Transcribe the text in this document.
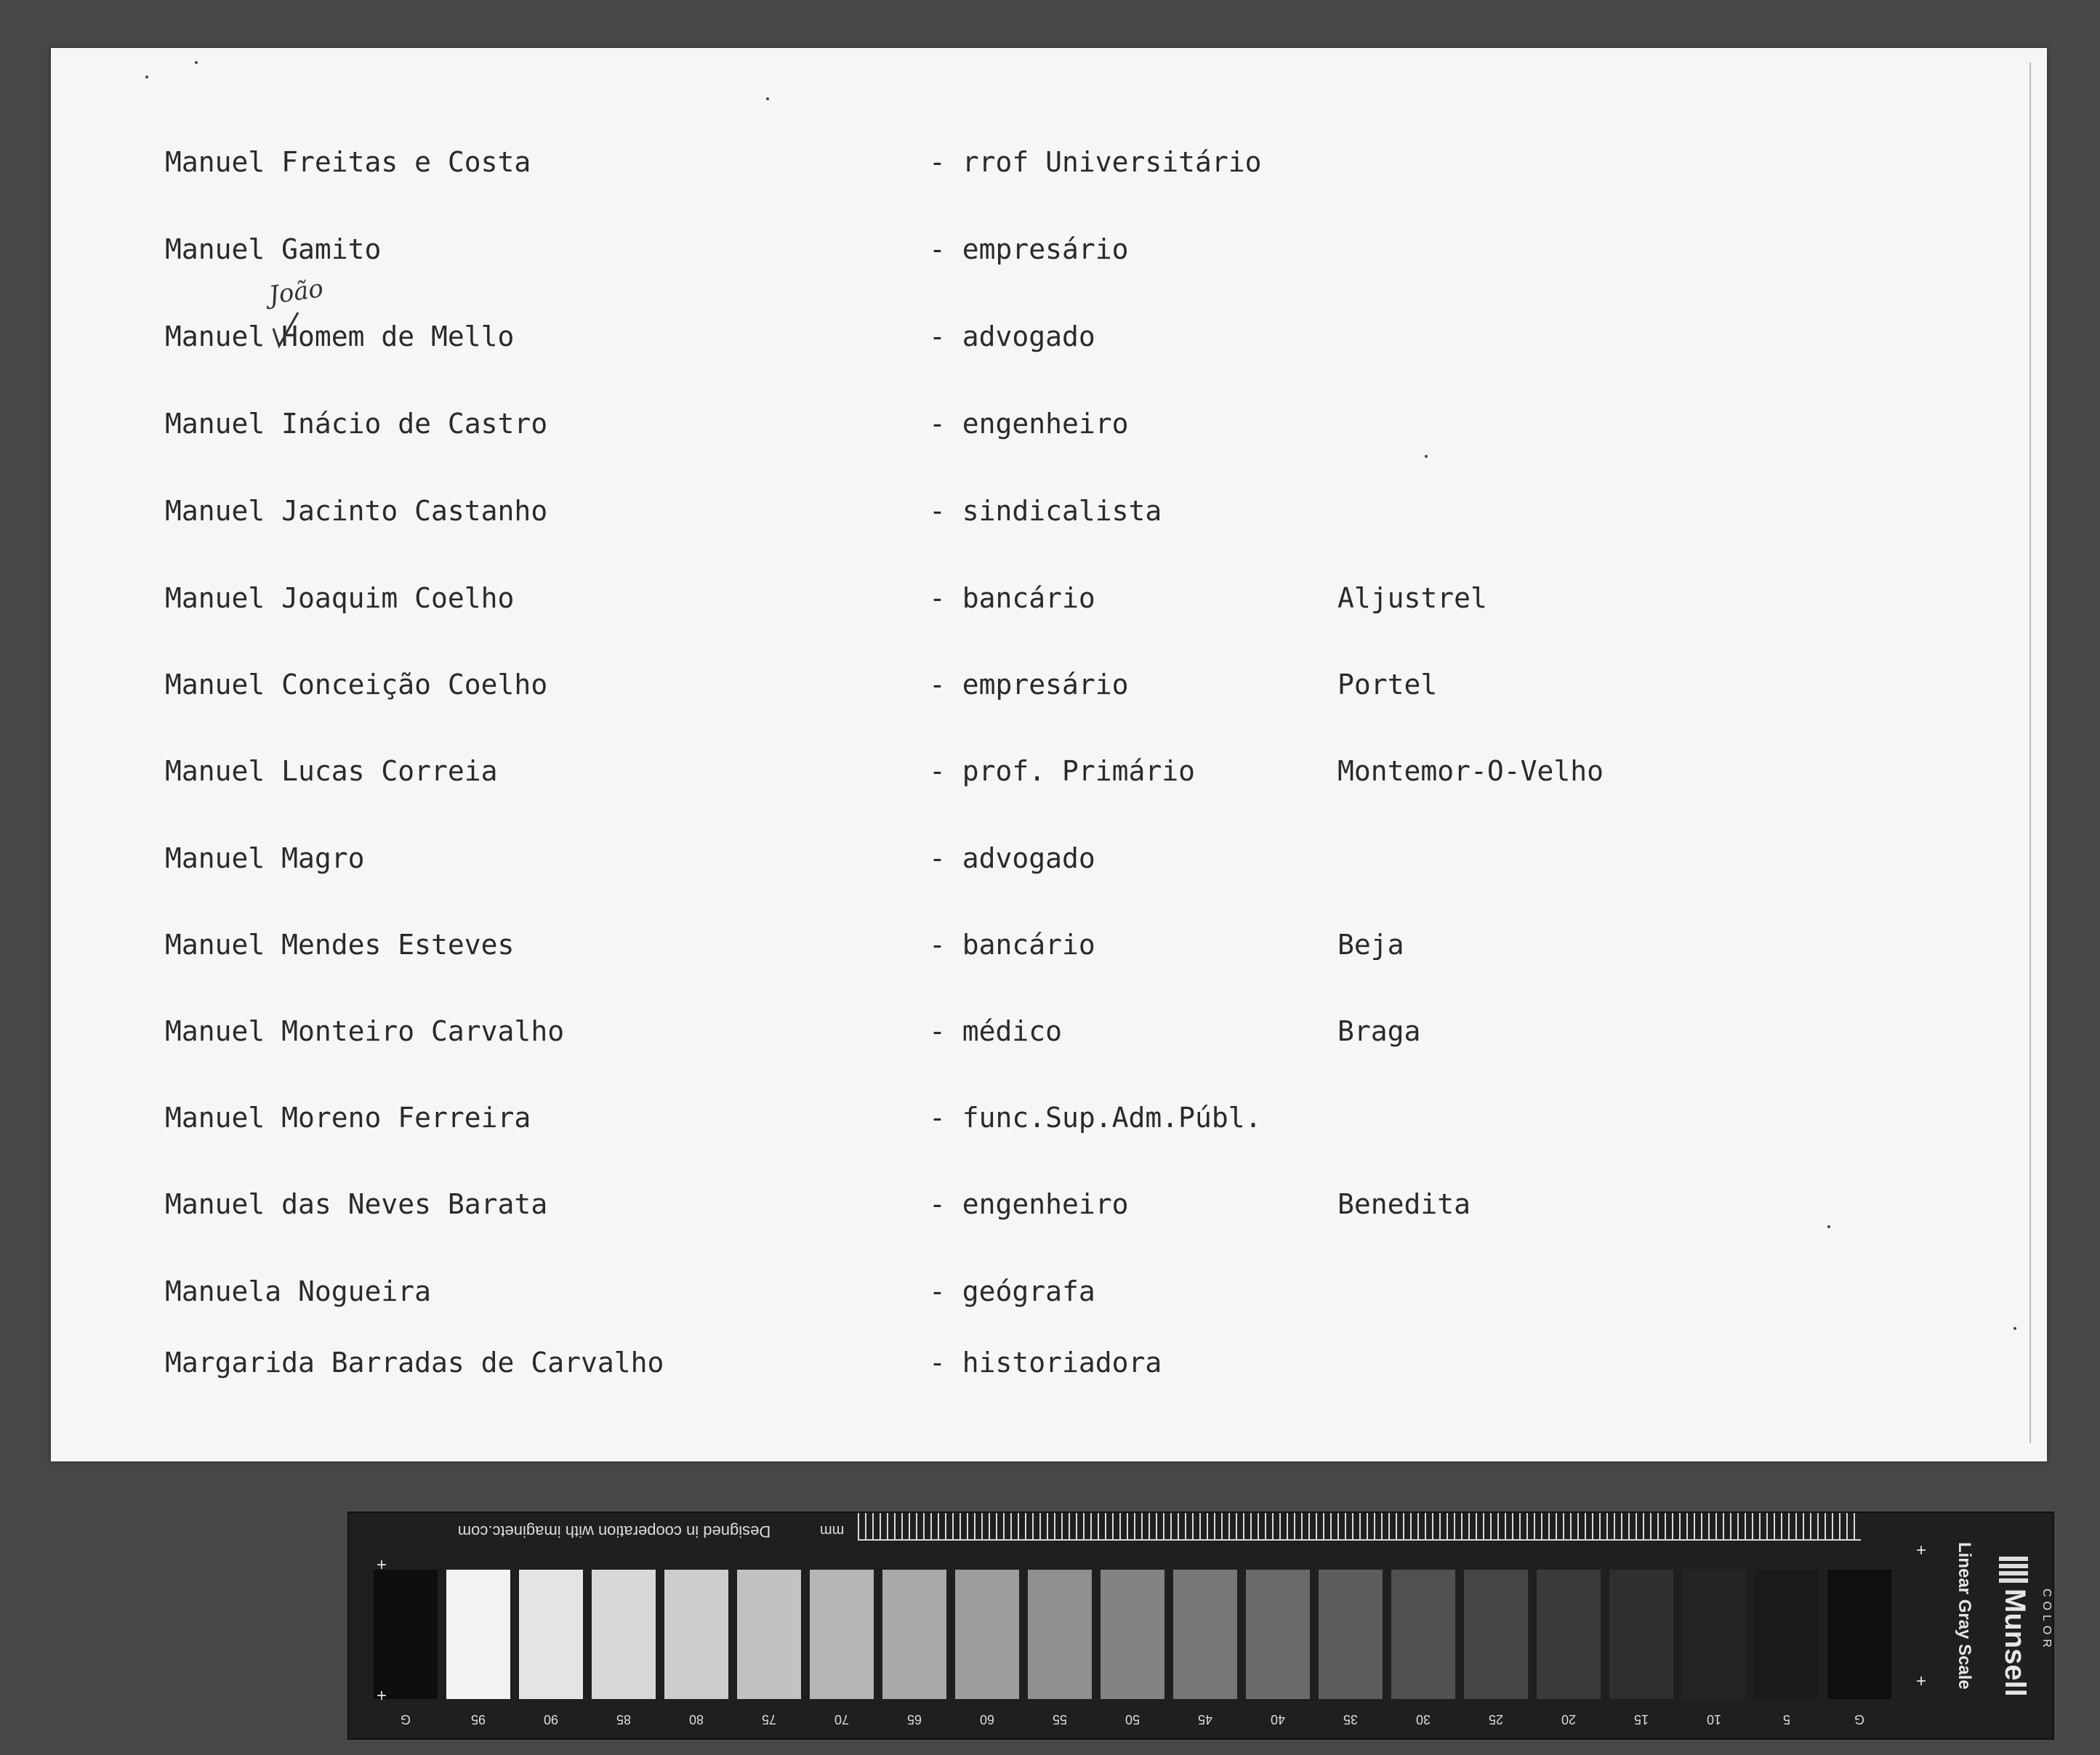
Manuel Freitas e Costa	- rrof Universitário
Manuel Gamito	- empresário
Manuel Homem de Mello	- advogado
Manuel Inácio de Castro	- engenheiro
Manuel Jacinto Castanho	- sindicalista
Manuel Joaquim Coelho	- bancário	Aljustrel
Manuel Conceição Coelho	- empresário	Portel
Manuel Lucas Correia	- prof. Primário	Montemor-O-Velho
Manuel Magro	- advogado
Manuel Mendes Esteves	- bancário	Beja
Manuel Monteiro Carvalho	- médico	Braga
Manuel Moreno Ferreira	- func.Sup.Adm.Públ.
Manuel das Neves Barata	- engenheiro	Benedita
Manuela Nogueira	- geógrafa
Margarida Barradas de Carvalho	- historiadora
João
Designed in cooperation with imaginetc.com	mm
G	95	90	85	80	75	70	65	60	55	50	45	40	35	30	25	20	15	10	5	G
+
+
+
+ Linear Gray Scale Munsell COLOR
